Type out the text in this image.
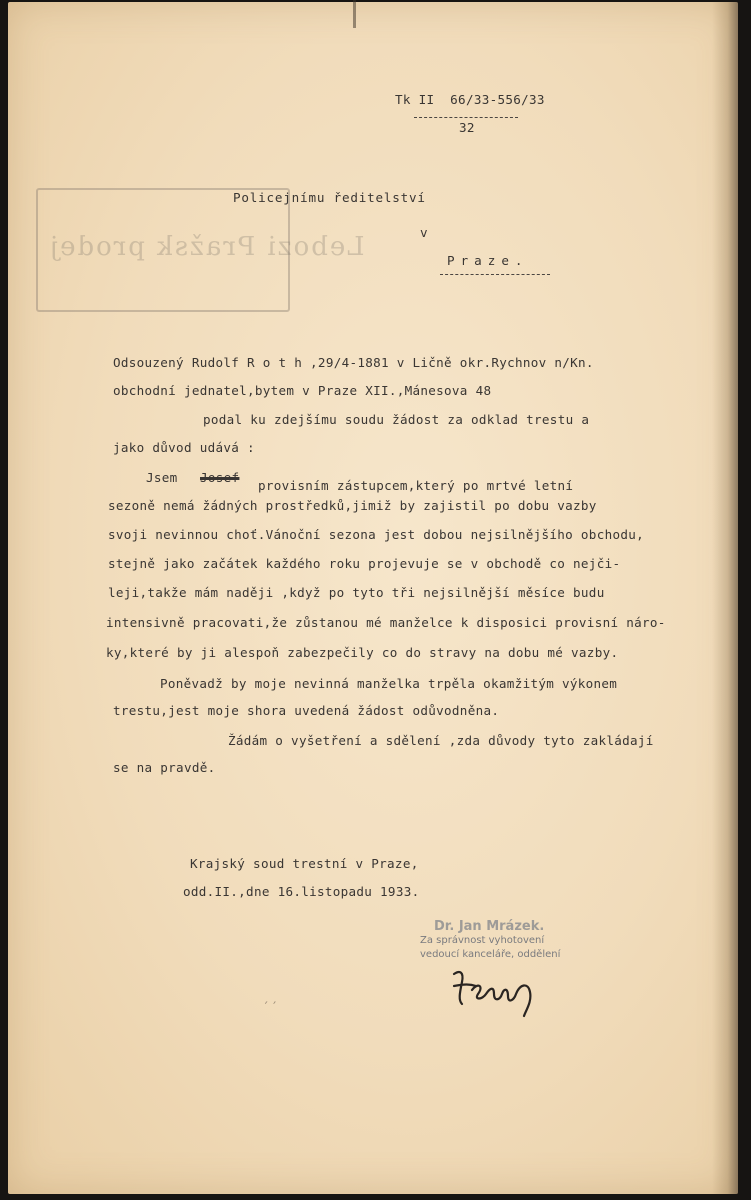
Tk II  66/33-556/33
32
Lebozi Pražsk prodej
Policejnímu ředitelství
v
Praze.
Odsouzený Rudolf R o t h ,29/4-1881 v Ličně okr.Rychnov n/Kn.
obchodní jednatel,bytem v Praze XII.,Mánesova 48
podal ku zdejšímu soudu žádost za odklad trestu a
jako důvod udává :
Jsem Josef
provisním zástupcem,který po mrtvé letní
sezoně nemá žádných prostředků,jimiž by zajistil po dobu vazby
svoji nevinnou choť.Vánoční sezona jest dobou nejsilnějšího obchodu,
stejně jako začátek každého roku projevuje se v obchodě co nejči-
leji,takže mám naději ,když po tyto tři nejsilnější měsíce budu
intensivně pracovati,že zůstanou mé manželce k disposici provisní náro-
ky,které by ji alespoň zabezpečily co do stravy na dobu mé vazby.
Poněvadž by moje nevinná manželka trpěla okamžitým výkonem
trestu,jest moje shora uvedená žádost odůvodněna.
Žádám o vyšetření a sdělení ,zda důvody tyto zakládají
se na pravdě.
Krajský soud trestní v Praze,
odd.II.,dne 16.listopadu 1933.
Dr. Jan Mrázek.
Za správnost vyhotovení
vedoucí kanceláře, oddělení
′′
